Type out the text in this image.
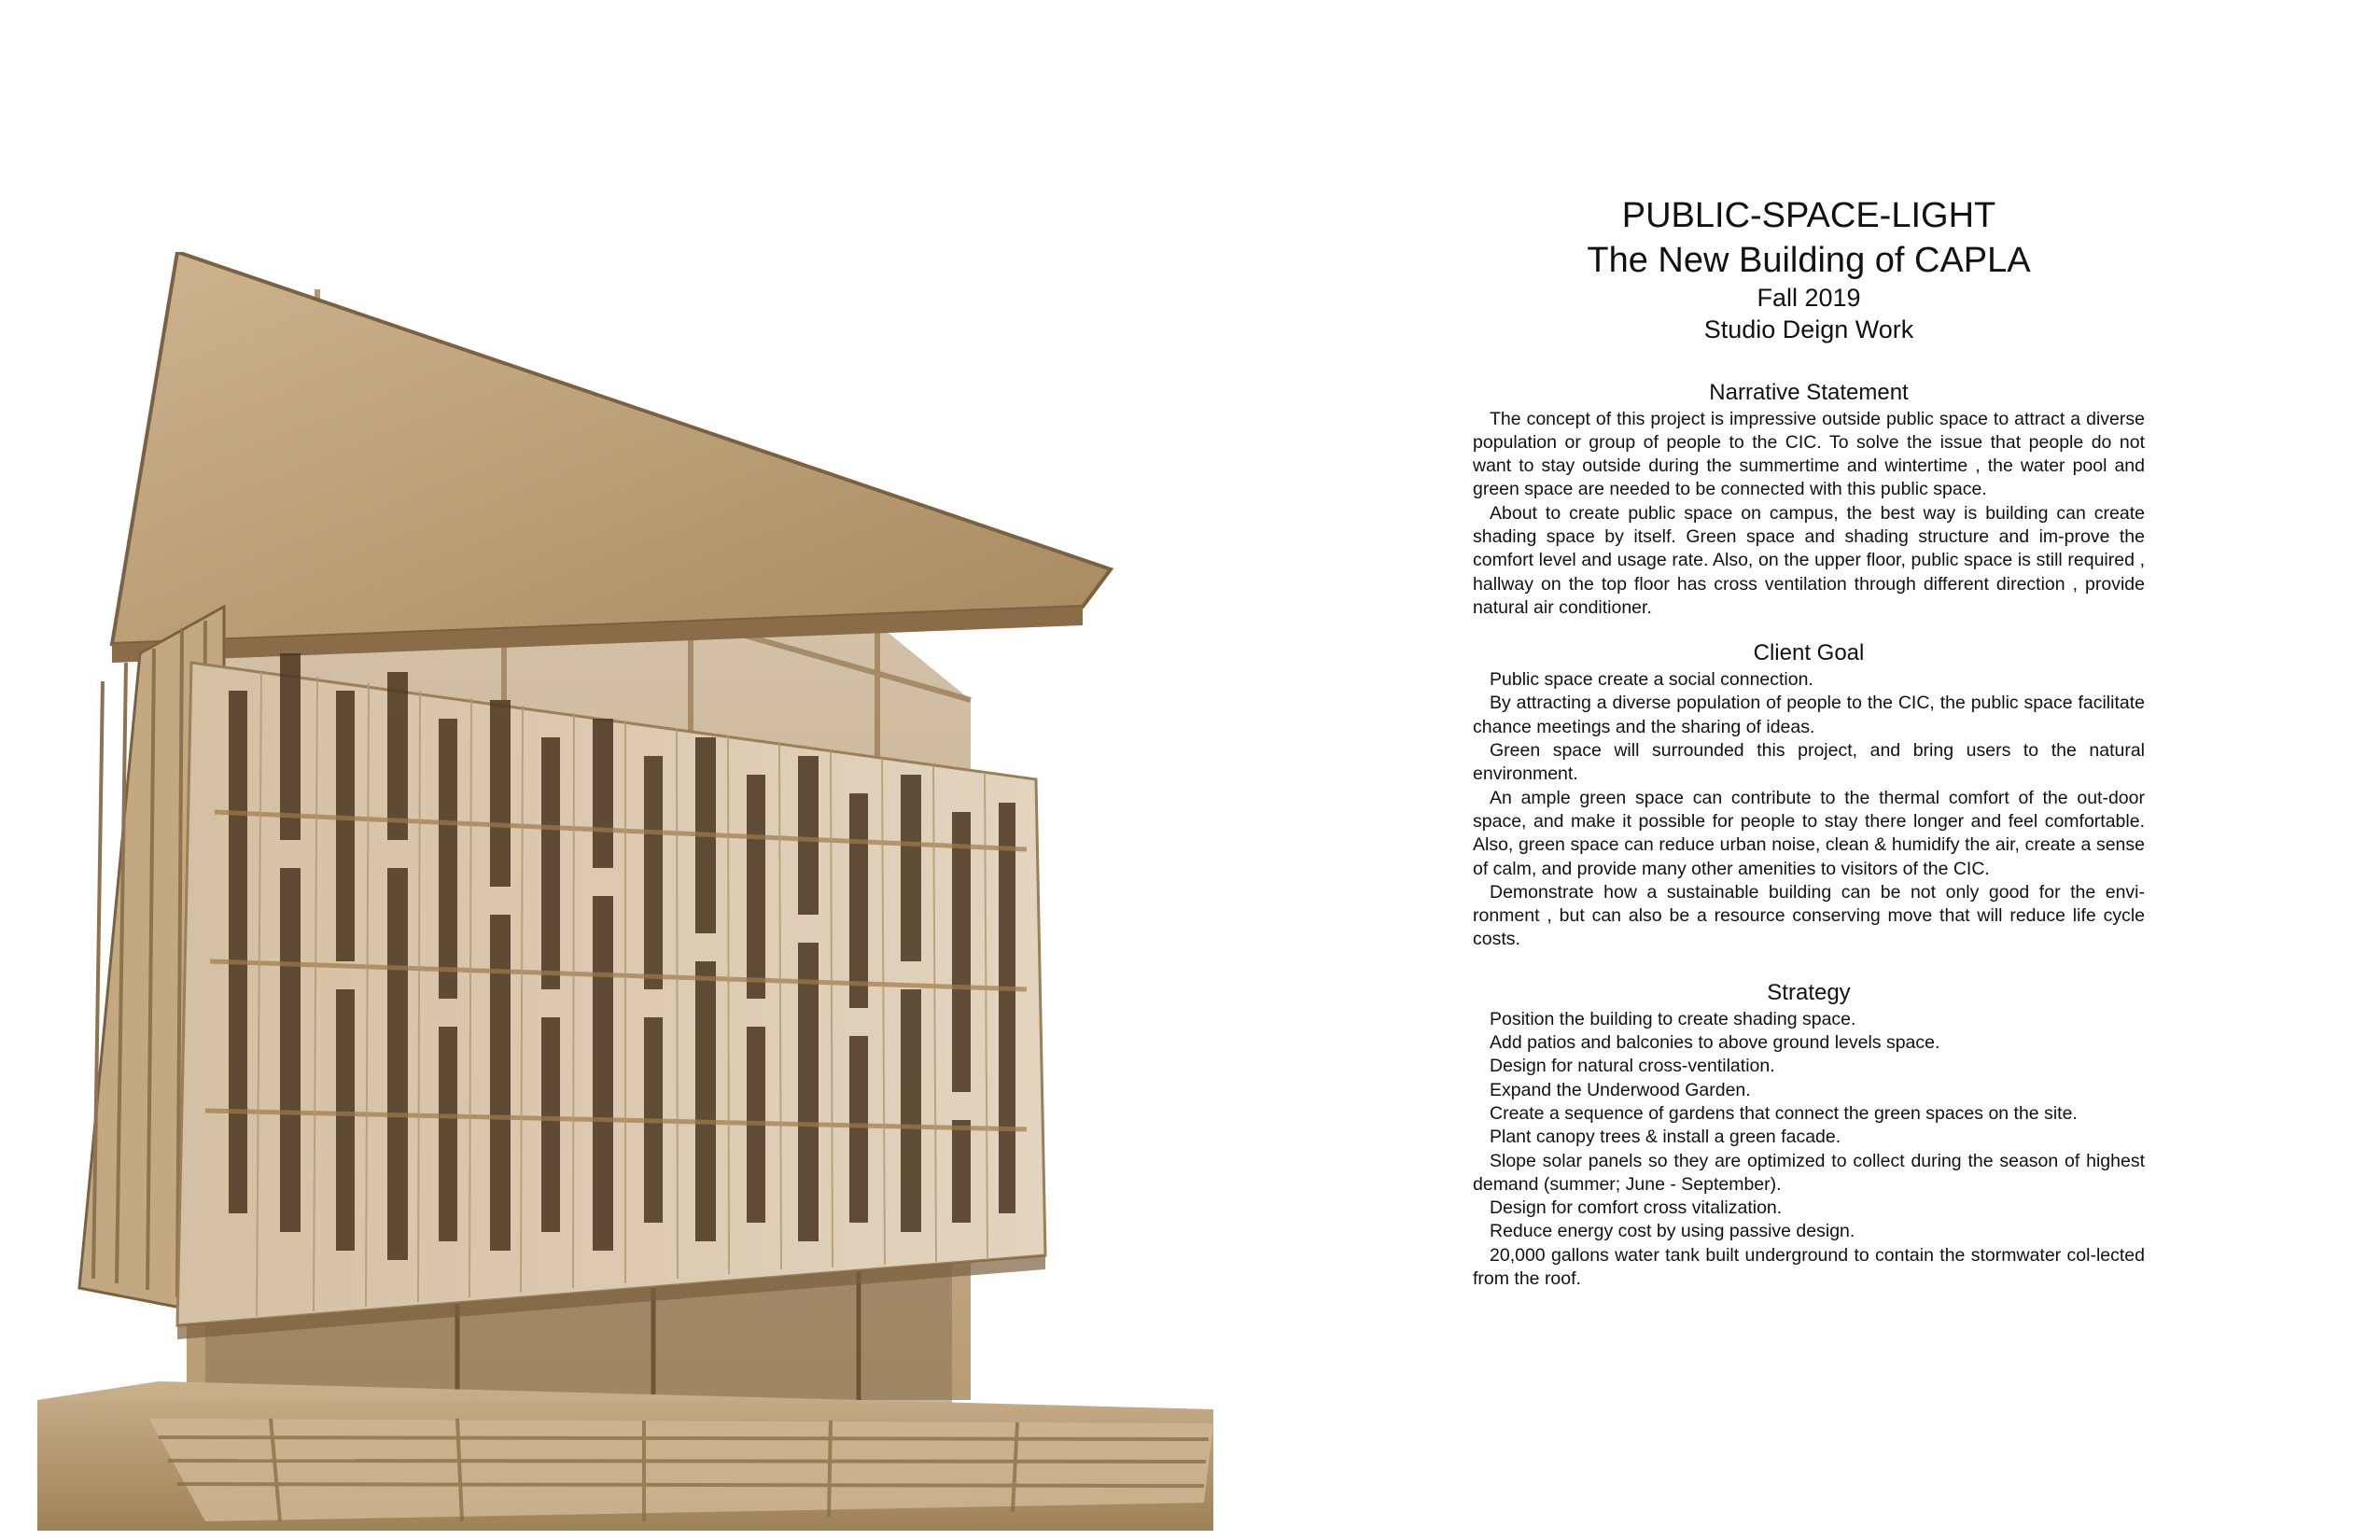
PUBLIC-SPACE-LIGHT
The New Building of CAPLA
Fall 2019
Studio Deign Work
Narrative Statement

The concept of this project is impressive outside public space to attract a diverse population or group of people to the CIC. To solve the issue that people do not want to stay outside during the summertime and wintertime , the water pool and green space are needed to be connected with this public space.

About to create public space on campus, the best way is building can create shading space by itself. Green space and shading structure and im-prove the comfort level and usage rate. Also, on the upper floor, public space is still required , hallway on the top floor has cross ventilation through different direction , provide natural air conditioner.

Client Goal

Public space create a social connection.

By attracting a diverse population of people to the CIC, the public space facilitate chance meetings and the sharing of ideas.

Green space will surrounded this project, and bring users to the natural environment.

An ample green space can contribute to the thermal comfort of the out-door space, and make it possible for people to stay there longer and feel comfortable. Also, green space can reduce urban noise, clean & humidify the air, create a sense of calm, and provide many other amenities to visitors of the CIC.

Demonstrate how a sustainable building can be not only good for the envi-ronment , but can also be a resource conserving move that will reduce life cycle costs.

Strategy

Position the building to create shading space.

Add patios and balconies to above ground levels space.

Design for natural cross-ventilation.

Expand the Underwood Garden.

Create a sequence of gardens that connect the green spaces on the site.

Plant canopy trees & install a green facade.

Slope solar panels so they are optimized to collect during the season of highest demand (summer; June - September).

Design for comfort cross vitalization.

Reduce energy cost by using passive design.

20,000 gallons water tank built underground to contain the stormwater col-lected from the roof.
